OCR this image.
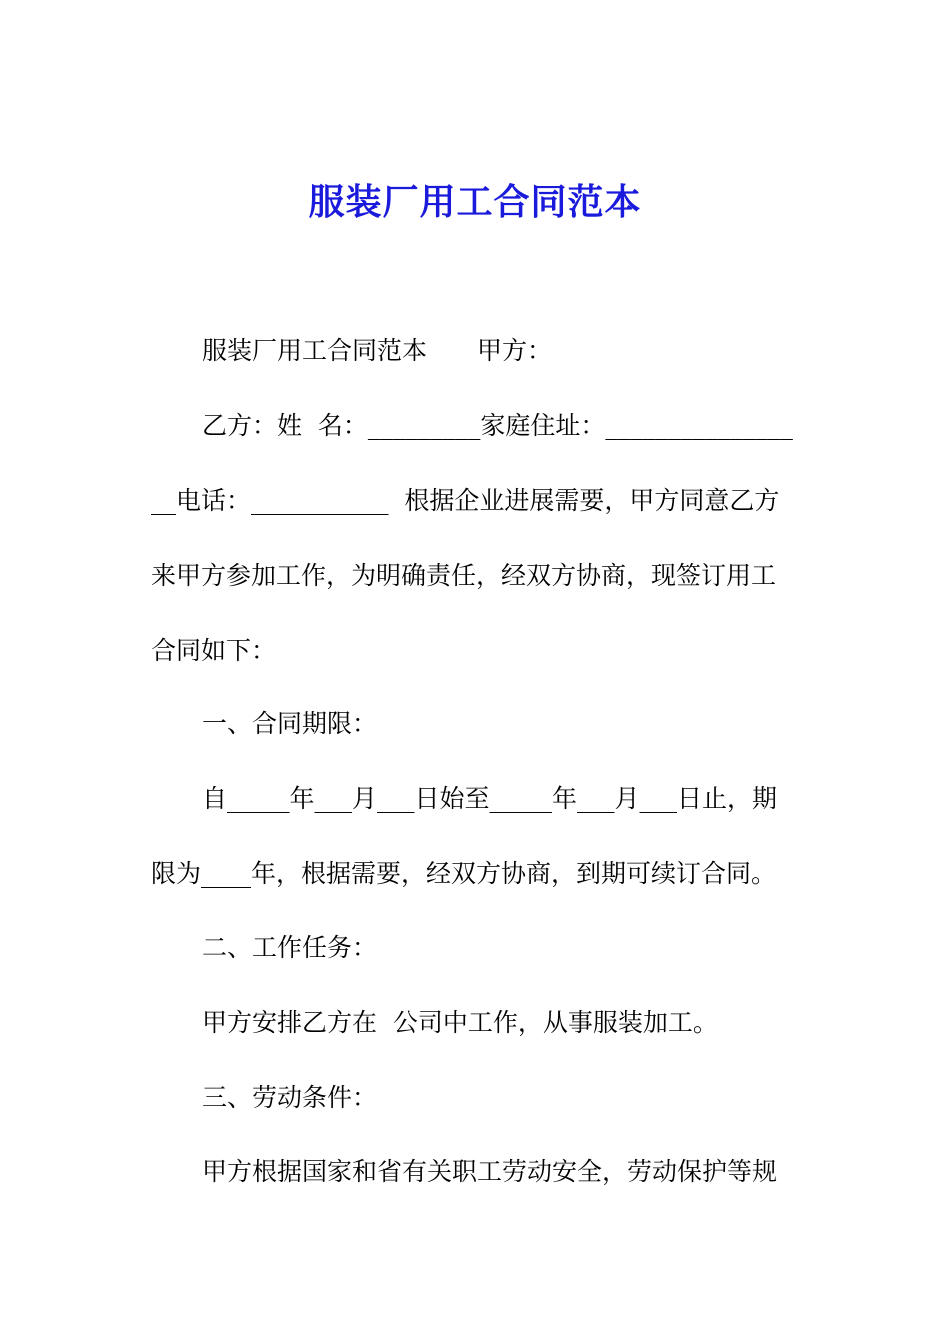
服装厂用工合同范本
服装厂用工合同范本　　甲方：
乙方：姓  名：_________家庭住址：_______________
__电话：___________  根据企业进展需要，甲方同意乙方
来甲方参加工作，为明确责任，经双方协商，现签订用工
合同如下：
一、合同期限：
自_____年___月___日始至_____年___月___日止，期
限为____年，根据需要，经双方协商，到期可续订合同。
二、工作任务：
甲方安排乙方在  公司中工作，从事服装加工。
三、劳动条件：
甲方根据国家和省有关职工劳动安全，劳动保护等规
